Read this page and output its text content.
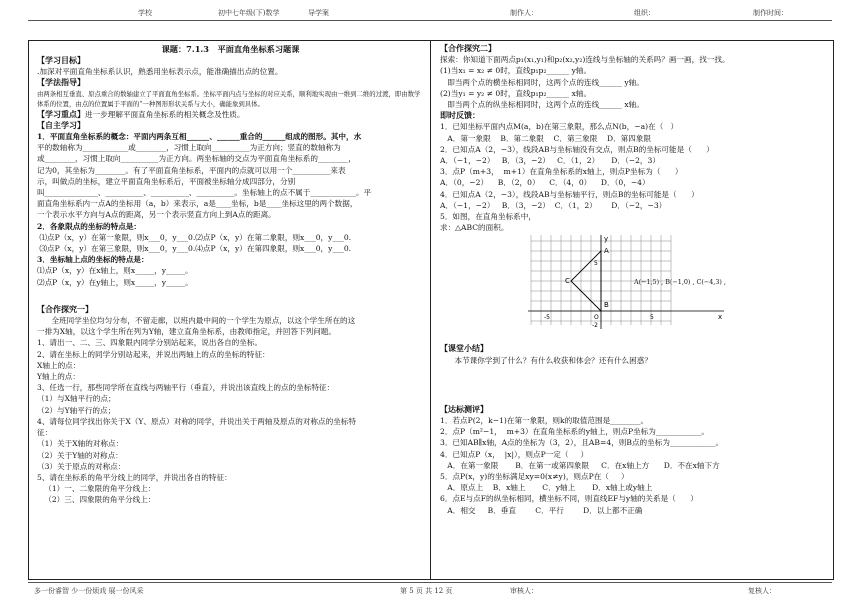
学校	初中七年级(下)数学	导学案	制作人：	组织：	制作时间：

课题：7.1.3   平面直角坐标系习题课

【学习目标】

.加深对平面直角坐标系认识，熟悉用坐标表示点，能准确描出点的位置。

【学法指导】

由两条相互垂直、原点重合的数轴建立了平面直角坐标系。坐标平面内点与坐标的对应关系，顺利地实现由一维到二维的过渡，即由数学体系的位置，由点的位置属于平面的“一种图形形状关系与大小，确能象到具体。

【学习重点】进一步理解平面直角坐标系的相关概念及性质。

【自主学习】

1．平面直角坐标系的概念：平面内两条互相______、______重合的______组成的图形。其中，水

平的数轴称为____________或________，习惯上取向__________为正方向；竖直的数轴称为

或________，习惯上取向__________为正方向。两坐标轴的交点为平面直角坐标系的________，

记为0，其坐标为________。有了平面直角坐标系，平面内的点就可以用一个__________来表

示，叫做点的坐标，建立平面直角坐标系后，平面被坐标轴分成四部分，分别

叫______________、__________、__________、__________。坐标轴上的点不属于____________。平

面直角坐标系内一点A的坐标用（a，b）来表示，a是____坐标，b是____坐标这里的两个数据，

一个表示水平方向与A点的距离，另一个表示竖直方向上到A点的距离。

2．各象限点的坐标的特点是：

⑴点P（x，y）在第一象限，则x___0，y___0.⑵点P（x，y）在第二象限，则x___0，y___0.

⑶点P（x，y）在第三象限，则x___0，y___0.⑷点P（x，y）在第四象限，则x___0，y___0.

3．坐标轴上点的坐标的特点是：

⑴点P（x，y）在x轴上，则x_____，y_____。

⑵点P（x，y）在y轴上，则x_____，y_____。

【合作探究一】

全班同学坐位均匀分布，不留走廊，以班内最中间的一个学生为原点，以这个学生所在的这

一排为X轴，以这个学生所在列为Y轴，建立直角坐标系，由教师指定，并回答下列问题。

1、请出一、二、三、四象限内同学分别站起来，说出各自的坐标。

2、请在坐标上的同学分别站起来，并说出两轴上的点的坐标的特征：

X轴上的点：

Y轴上的点：

3、任选一行，那些同学所在直线与两轴平行（垂直），并说出该直线上的点的坐标特征：

（1）与X轴平行的点；

（2）与Y轴平行的点；

4、请每位同学找出你关于X（Y、原点）对称的同学，并说出关于两轴及原点的对称点的坐标特

征：

（1）关于X轴的对称点：

（2）关于Y轴的对称点：

（3）关于原点的对称点：

5、请在坐标系的角平分线上的同学，并说出各自的特征：

（1）一、二象限的角平分线上：

（2）三、四象限的角平分线上：

【合作探究二】

探索：你知道下面两点p₁(x₁,y₁)和p₂(x₂,y₂)连线与坐标轴的关系吗？画一画，找一找。

(1)当x₁ = x₂ ≠ 0时，直线p₁p₂______ y轴。

即当两个点的横坐标相同时，这两个点的连线______ y轴。

(2)当y₁ = y₂ ≠ 0时，直线p₁p₂______ x轴。

即当两个点的纵坐标相同时，这两个点的连线______ x轴。

即时反馈：

1．已知坐标平面内点M(a，b)在第三象限，那么点N(b，−a)在（   ）

A．第一象限    B．第二象限    C．第三象限    D．第四象限

2．已知点A（2，−3），线段AB与坐标轴没有交点，则点B的坐标可能是（      ）

A．（−1，−2）   B．（3，−2）   C．（1，2）     D．（−2，3）

3．点P（m+3，  m+1）在直角坐标系的x轴上，则点P坐标为（      ）

A．（0，−2）    B．（2，0）    C．（4，0）    D．（0，−4）

4．已知点A（2，−3），线段AB与坐标轴平行，则点B的坐标可能是（      ）

A．（−1，−2）   B．（3，−2）  C．（1，2）      D．（−2，−3）

5．如图，在直角坐标系中，

求：△ABC的面积。

A(−1,5) , B(−1,0) , C(−4,3) ,

A
B
C
O	5
-5
5
-2
x
y

【课堂小结】

本节课你学到了什么？有什么收获和体会？还有什么困惑？

【达标测评】

1．若点P(2，k−1)在第一象限，则k的取值范围是________。

2．点P（m²−1，  m+3）在直角坐标系的y轴上，则点P坐标为____________。

3．已知AB∥x轴，A点的坐标为（3，2），且AB=4，则B点的坐标为____________。

4．已知点P（x，  |x|），则点P一定（     ）

A．在第一象限       B．在第一或第四象限     C．在x轴上方      D．不在x轴下方

5．点P(x，y)的坐标满足xy=0(x≠y)，则点P在（     ）

A．原点上    B．x轴上       C．y轴上       D．x轴上或y轴上

6．点E与点F的纵坐标相同，横坐标不同，则直线EF与y轴的关系是（      ）

A．相交     B．垂直        C．平行        D．以上都不正确

多一份睿智 少一份烦戏 展一份风采	第 5 页 共 12 页	审核人：	复核人：
